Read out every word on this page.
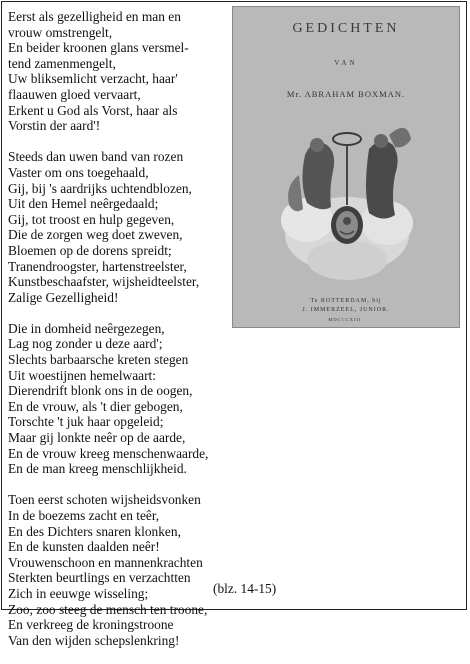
Eerst als gezelligheid en man en
vrouw omstrengelt,
En beider kroonen glans versmel-
tend zamenmengelt,
Uw bliksemlicht verzacht, haar'
flaauwen gloed vervaart,
Erkent u God als Vorst, haar als
Vorstin der aard'!
Steeds dan uwen band van rozen
Vaster om ons toegehaald,
Gij, bij 's aardrijks uchtendblozen,
Uit den Hemel neêrgedaald;
Gij, tot troost en hulp gegeven,
Die de zorgen weg doet zweven,
Bloemen op de dorens spreidt;
Tranendroogster, hartenstreelster,
Kunstbeschaafster, wijsheidteelster,
Zalige Gezelligheid!
Die in domheid neêrgezegen,
Lag nog zonder u deze aard';
Slechts barbaarsche kreten stegen
Uit woestijnen hemelwaart:
Dierendrift blonk ons in de oogen,
En de vrouw, als 't dier gebogen,
Torschte 't juk haar opgeleid;
Maar gij lonkte neêr op de aarde,
En de vrouw kreeg menschenwaarde,
En de man kreeg menschlijkheid.
Toen eerst schoten wijsheidsvonken
In de boezems zacht en teêr,
En des Dichters snaren klonken,
En de kunsten daalden neêr!
Vrouwenschoon en mannenkrachten
Sterkten beurtlings en verzachtten
Zich in eeuwge wisseling;
Zoo, zoo steeg de mensch ten troone,
En verkreeg de kroningstroone
Van den wijden schepslenkring!
(blz. 14-15)
GEDICHTEN
VAN
Mr. ABRAHAM BOXMAN.
Te ROTTERDAM, bij
J. IMMERZEEL, JUNIOR.
MDCCCXIII.
